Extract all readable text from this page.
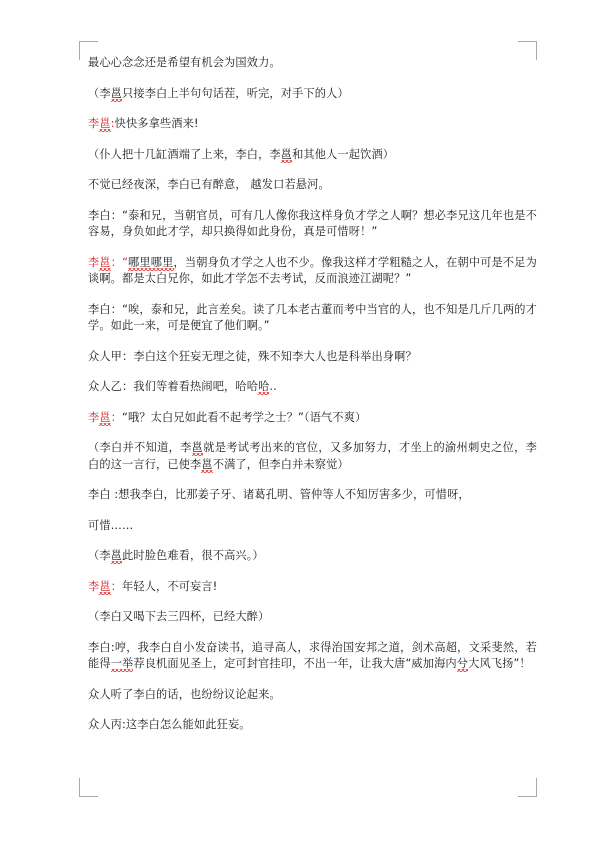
最心心念念还是希望有机会为国效力。
（李邕只接李白上半句句话茬，听完，对手下的人）
李邕:快快多拿些酒来!
（仆人把十几缸酒端了上来，李白，李邕和其他人一起饮酒）
不觉已经夜深，李白已有醉意， 越发口若悬河。
李白：“泰和兄，当朝官员，可有几人像你我这样身负才学之人啊？想必李兄这几年也是不容易，身负如此才学，却只换得如此身份，真是可惜呀！”
李邕：“哪里哪里，当朝身负才学之人也不少。像我这样才学粗糙之人，在朝中可是不足为谈啊。都是太白兄你，如此才学怎不去考试，反而浪迹江湖呢？”
李白：“唉，泰和兄，此言差矣。读了几本老古董而考中当官的人，也不知是几斤几两的才学。如此一来，可是便宜了他们啊。”
众人甲：李白这个狂妄无理之徒，殊不知李大人也是科举出身啊？
众人乙：我们等着看热闹吧，哈哈哈..
李邕：“哦？太白兄如此看不起考学之士？”（语气不爽）
（李白并不知道，李邕就是考试考出来的官位，又多加努力，才坐上的渝州刺史之位，李白的这一言行，已使李邕不满了，但李白并未察觉）
李白 :想我李白，比那姜子牙、诸葛孔明、管仲等人不知厉害多少，可惜呀，
可惜……
（李邕此时脸色难看，很不高兴。）
李邕：年轻人，不可妄言!
（李白又喝下去三四杯，已经大醉）
李白:哼，我李白自小发奋读书，追寻高人，求得治国安邦之道，剑术高超，文采斐然，若能得一举荐良机面见圣上，定可封官挂印，不出一年，让我大唐“威加海内兮大风飞扬”！
众人听了李白的话，也纷纷议论起来。
众人丙:这李白怎么能如此狂妄。
